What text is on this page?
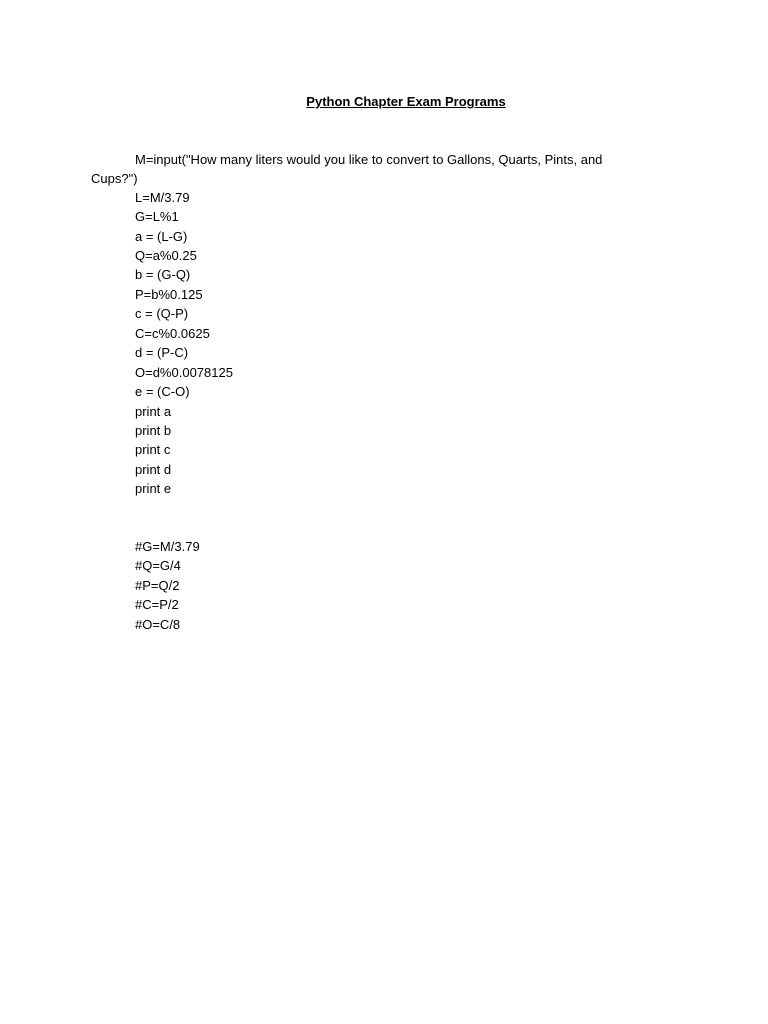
Python Chapter Exam Programs
M=input("How many liters would you like to convert to Gallons, Quarts, Pints, and
Cups?")
L=M/3.79
G=L%1
a = (L-G)
Q=a%0.25
b = (G-Q)
P=b%0.125
c = (Q-P)
C=c%0.0625
d = (P-C)
O=d%0.0078125
e = (C-O)
print a
print b
print c
print d
print e
#G=M/3.79
#Q=G/4
#P=Q/2
#C=P/2
#O=C/8
